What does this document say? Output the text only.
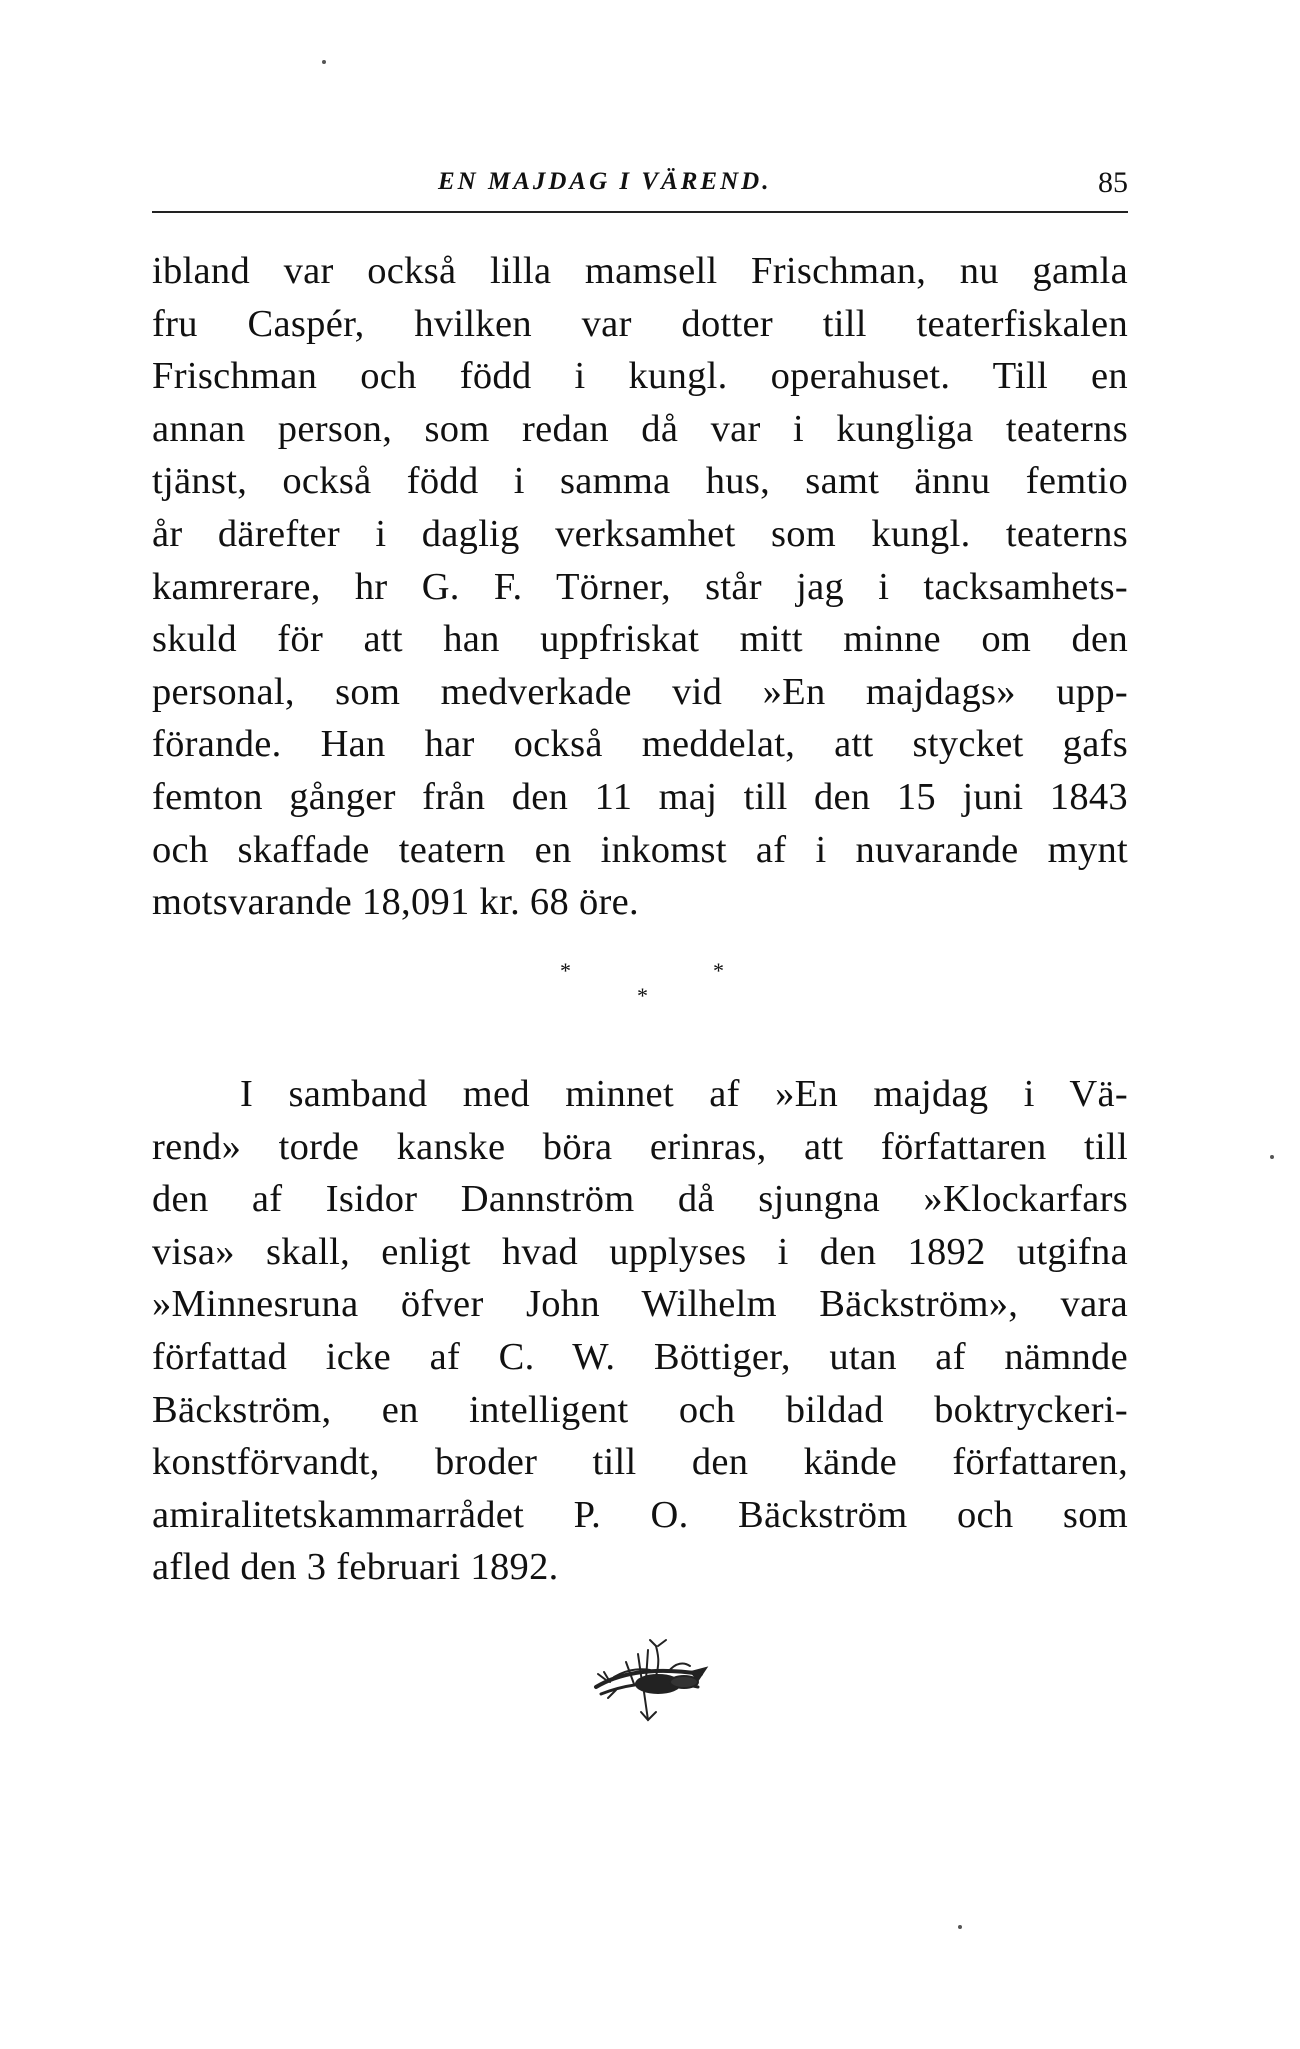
EN MAJDAG I VÄREND.	85
ibland var också lilla mamsell Frischman, nu gamla
fru Caspér, hvilken var dotter till teaterfiskalen
Frischman och född i kungl. operahuset. Till en
annan person, som redan då var i kungliga teaterns
tjänst, också född i samma hus, samt ännu femtio
år därefter i daglig verksamhet som kungl. teaterns
kamrerare, hr G. F. Törner, står jag i tacksamhets-
skuld för att han uppfriskat mitt minne om den
personal, som medverkade vid »En majdags» upp-
förande. Han har också meddelat, att stycket gafs
femton gånger från den 11 maj till den 15 juni 1843
och skaffade teatern en inkomst af i nuvarande mynt
motsvarande 18,091 kr. 68 öre.
*	*
*
I samband med minnet af »En majdag i Vä-
rend» torde kanske böra erinras, att författaren till
den af Isidor Dannström då sjungna »Klockarfars
visa» skall, enligt hvad upplyses i den 1892 utgifna
»Minnesruna öfver John Wilhelm Bäckström», vara
författad icke af C. W. Böttiger, utan af nämnde
Bäckström, en intelligent och bildad boktryckeri-
konstförvandt, broder till den kände författaren,
amiralitetskammarrådet P. O. Bäckström och som
afled den 3 februari 1892.
